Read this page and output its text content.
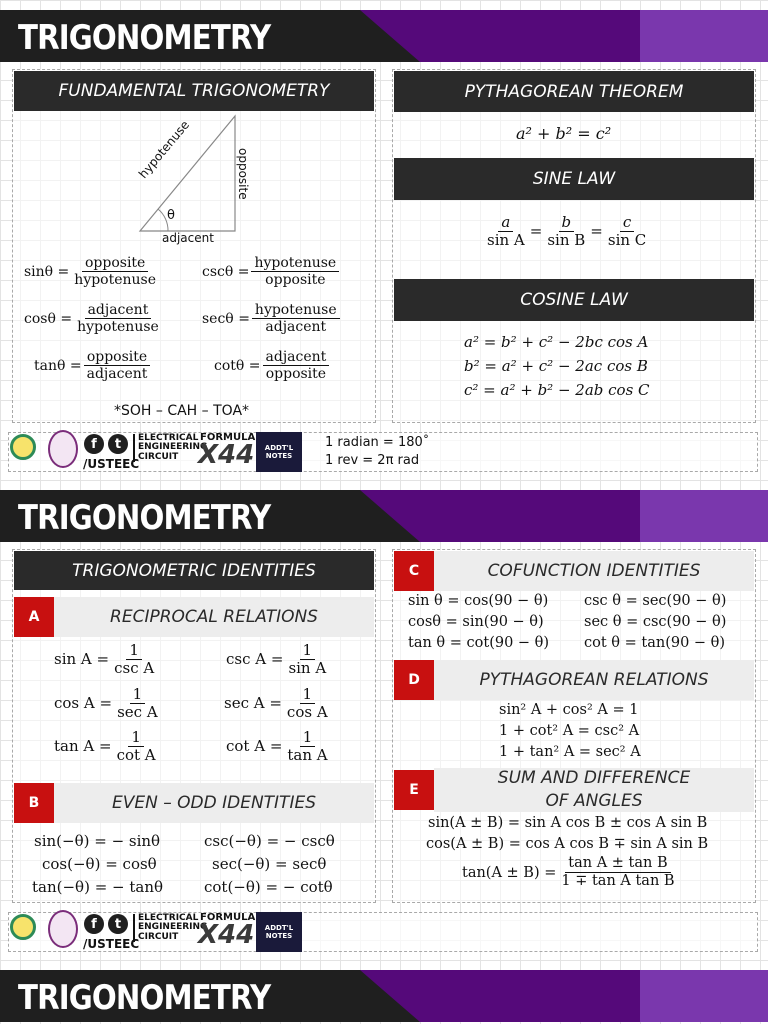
TRIGONOMETRY
FUNDAMENTAL TRIGONOMETRY
hypotenuse	opposite
adjacent
θ
$\sin\theta = \frac{\text{opposite}}{\text{hypotenuse}}$	$\csc\theta = \frac{\text{hypotenuse}}{\text{opposite}}$
$\cos\theta = \frac{\text{adjacent}}{\text{hypotenuse}}$	$\sec\theta = \frac{\text{hypotenuse}}{\text{adjacent}}$
$\tan\theta = \frac{\text{opposite}}{\text{adjacent}}$	$\cot\theta = \frac{\text{adjacent}}{\text{opposite}}$
*SOH – CAH – TOA*
PYTHAGOREAN THEOREM
a² + b² = c²
SINE LAW
$\frac{a}{\text{sin A}} = \frac{b}{\text{sin B}} = \frac{c}{\text{sin C}}$
COSINE LAW
a² = b² + c² − 2bc cos A
b² = a² + c² − 2ac cos B
c² = a² + b² − 2ab cos C
f	t
/USTEEC
ELECTRICAL
ENGINEERING
CIRCUIT
FORMULA
X44 ADDT'L
NOTES
1 radian = 180˚
1 rev = 2π rad
TRIGONOMETRY
TRIGONOMETRIC IDENTITIES
A	RECIPROCAL RELATIONS
$\sin A = \frac{1}{\text{csc A}}$	$\csc A = \frac{1}{\text{sin A}}$
$\cos A = \frac{1}{\text{sec A}}$	$\sec A = \frac{1}{\text{cos A}}$
$\tan A = \frac{1}{\text{cot A}}$	$\cot A = \frac{1}{\text{tan A}}$
B	EVEN – ODD IDENTITIES
sin(−θ) = − sinθ	csc(−θ) = − cscθ
cos(−θ) = cosθ	sec(−θ) = secθ
tan(−θ) = − tanθ	cot(−θ) = − cotθ
C	COFUNCTION IDENTITIES
sin θ = cos(90 − θ) csc θ = sec(90 − θ)
cosθ = sin(90 − θ)	sec θ = csc(90 − θ)
tan θ = cot(90 − θ) cot θ = tan(90 − θ)
D	PYTHAGOREAN RELATIONS
sin² A + cos² A = 1
1 + cot² A = csc² A
1 + tan² A = sec² A
E
SUM AND DIFFERENCE
OF ANGLES
sin(A ± B) = sin A cos B ± cos A sin B
cos(A ± B) = cos A cos B ∓ sin A sin B
$\tan(A \pm B) = \frac{\text{tan A ± tan B}}{\text{1 ∓ tan A tan B}}$
f	t
/USTEEC
ELECTRICAL
ENGINEERING
CIRCUIT
FORMULA
X44 ADDT'L
NOTES
TRIGONOMETRY
